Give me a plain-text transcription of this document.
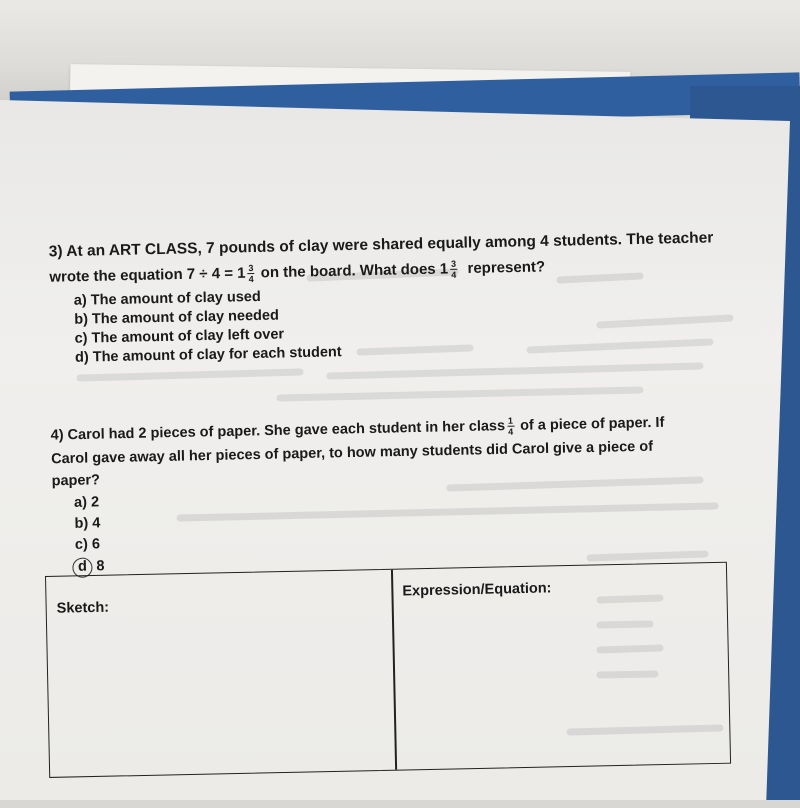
3) At an ART CLASS, 7 pounds of clay were shared equally among 4 students. The teacher
wrote the equation $7 \div 4 = 1 \frac{3}{4}$ on the board. What does $1 \frac{3}{4}$ represent?
a) The amount of clay used
b) The amount of clay needed
c) The amount of clay left over
d) The amount of clay for each student
4) Carol had 2 pieces of paper. She gave each student in her class $\frac{1}{4}$ of a piece of paper. If
Carol gave away all her pieces of paper, to how many students did Carol give a piece of
paper?
a) 2
b) 4
c) 6
d 8
Sketch:
Expression/Equation:
